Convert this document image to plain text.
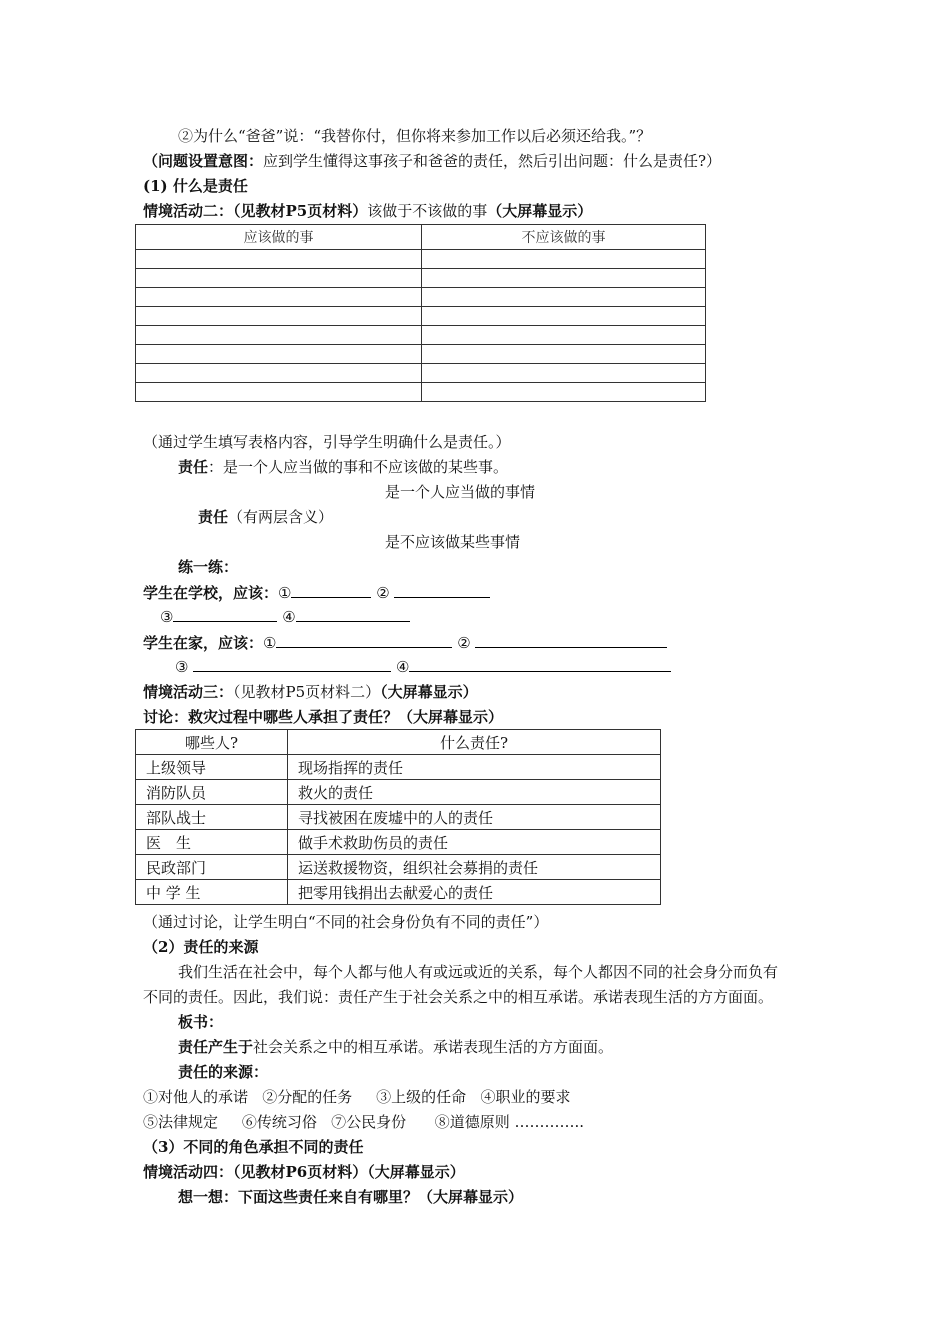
②为什么“爸爸”说：“我替你付，但你将来参加工作以后必须还给我。”？
（问题设置意图：应到学生懂得这事孩子和爸爸的责任，然后引出问题：什么是责任?）
(1) 什么是责任
情境活动二：（见教材P5页材料）该做于不该做的事（大屏幕显示）
应该做的事	不应该做的事

（通过学生填写表格内容，引导学生明确什么是责任。）
责任：是一个人应当做的事和不应该做的某些事。
是一个人应当做的事情
责任（有两层含义）
是不应该做某些事情
练一练：
学生在学校，应该：①	②
③	④
学生在家，应该：①	②
③	④
情境活动三：（见教材P5页材料二）（大屏幕显示）
讨论：救灾过程中哪些人承担了责任？（大屏幕显示）
哪些人?	什么责任?
上级领导	现场指挥的责任
消防队员	救火的责任
部队战士	寻找被困在废墟中的人的责任
医　生	做手术救助伤员的责任
民政部门	运送救援物资，组织社会募捐的责任
中 学 生	把零用钱捐出去献爱心的责任
（通过讨论，让学生明白“不同的社会身份负有不同的责任”）
（2）责任的来源
我们生活在社会中，每个人都与他人有或远或近的关系，每个人都因不同的社会身分而负有
不同的责任。因此，我们说：责任产生于社会关系之中的相互承诺。承诺表现生活的方方面面。
板书：
责任产生于社会关系之中的相互承诺。承诺表现生活的方方面面。
责任的来源：
①对他人的承诺   ②分配的任务     ③上级的任命   ④职业的要求
⑤法律规定     ⑥传统习俗   ⑦公民身份      ⑧道德原则 …………..
（3）不同的角色承担不同的责任
情境活动四：（见教材P6页材料）（大屏幕显示）
想一想：下面这些责任来自有哪里？（大屏幕显示）
